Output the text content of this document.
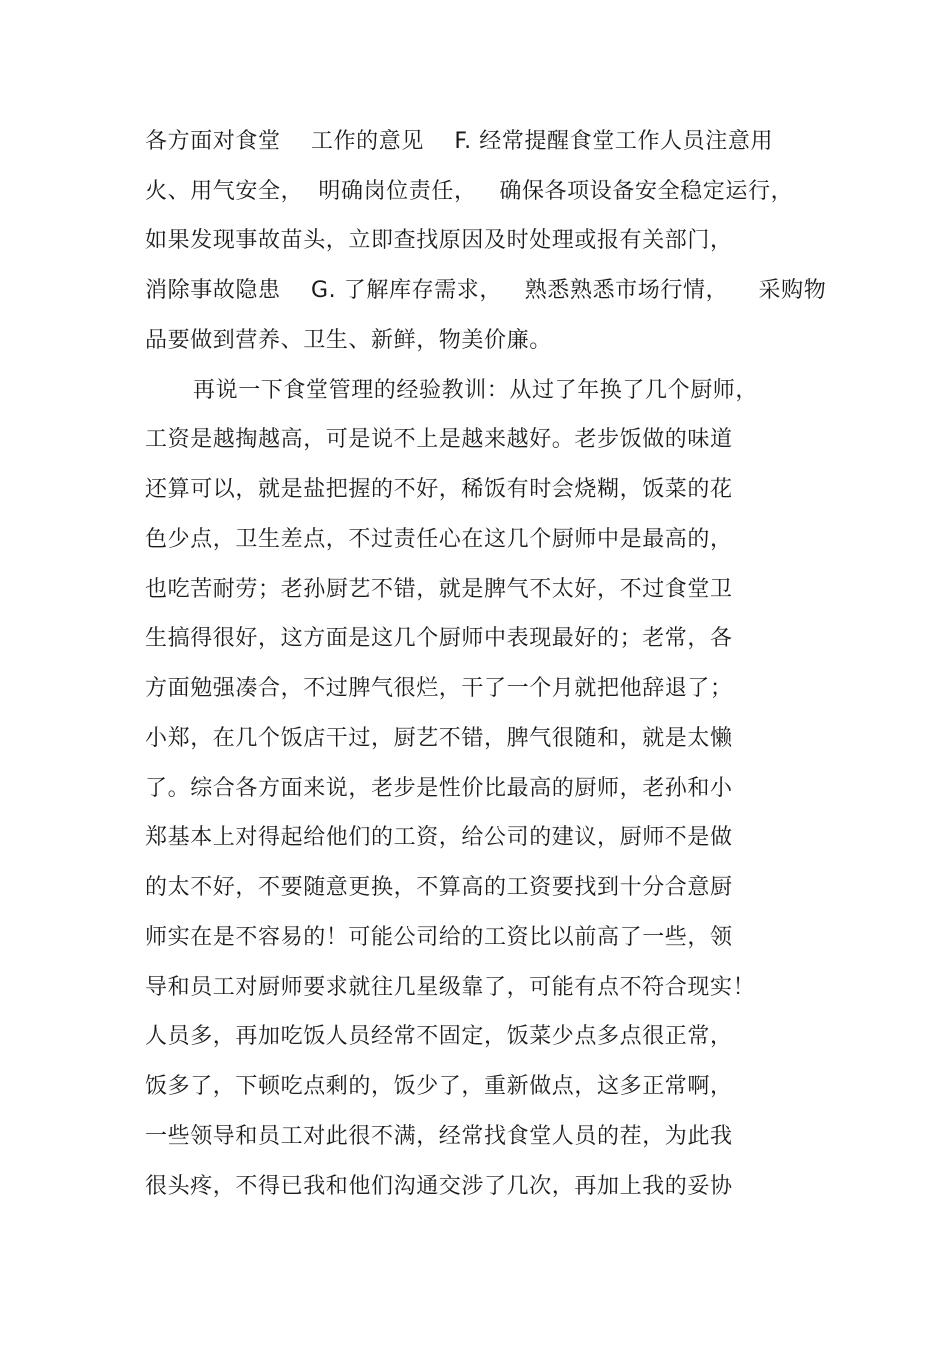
各方面对食堂    工作的意见    F. 经常提醒食堂工作人员注意用
火、用气安全，  明确岗位责任，   确保各项设备安全稳定运行，
如果发现事故苗头，立即查找原因及时处理或报有关部门，
消除事故隐患    G. 了解库存需求，   熟悉熟悉市场行情，    采购物
品要做到营养、卫生、新鲜，物美价廉。
再说一下食堂管理的经验教训：从过了年换了几个厨师，
工资是越掏越高，可是说不上是越来越好。老步饭做的味道
还算可以，就是盐把握的不好，稀饭有时会烧糊，饭菜的花
色少点，卫生差点，不过责任心在这几个厨师中是最高的，
也吃苦耐劳；老孙厨艺不错，就是脾气不太好，不过食堂卫
生搞得很好，这方面是这几个厨师中表现最好的；老常，各
方面勉强凑合，不过脾气很烂，干了一个月就把他辞退了；
小郑，在几个饭店干过，厨艺不错，脾气很随和，就是太懒
了。综合各方面来说，老步是性价比最高的厨师，老孙和小
郑基本上对得起给他们的工资，给公司的建议，厨师不是做
的太不好，不要随意更换，不算高的工资要找到十分合意厨
师实在是不容易的！可能公司给的工资比以前高了一些，领
导和员工对厨师要求就往几星级靠了，可能有点不符合现实！
人员多，再加吃饭人员经常不固定，饭菜少点多点很正常，
饭多了，下顿吃点剩的，饭少了，重新做点，这多正常啊，
一些领导和员工对此很不满，经常找食堂人员的茬，为此我
很头疼，不得已我和他们沟通交涉了几次，再加上我的妥协
